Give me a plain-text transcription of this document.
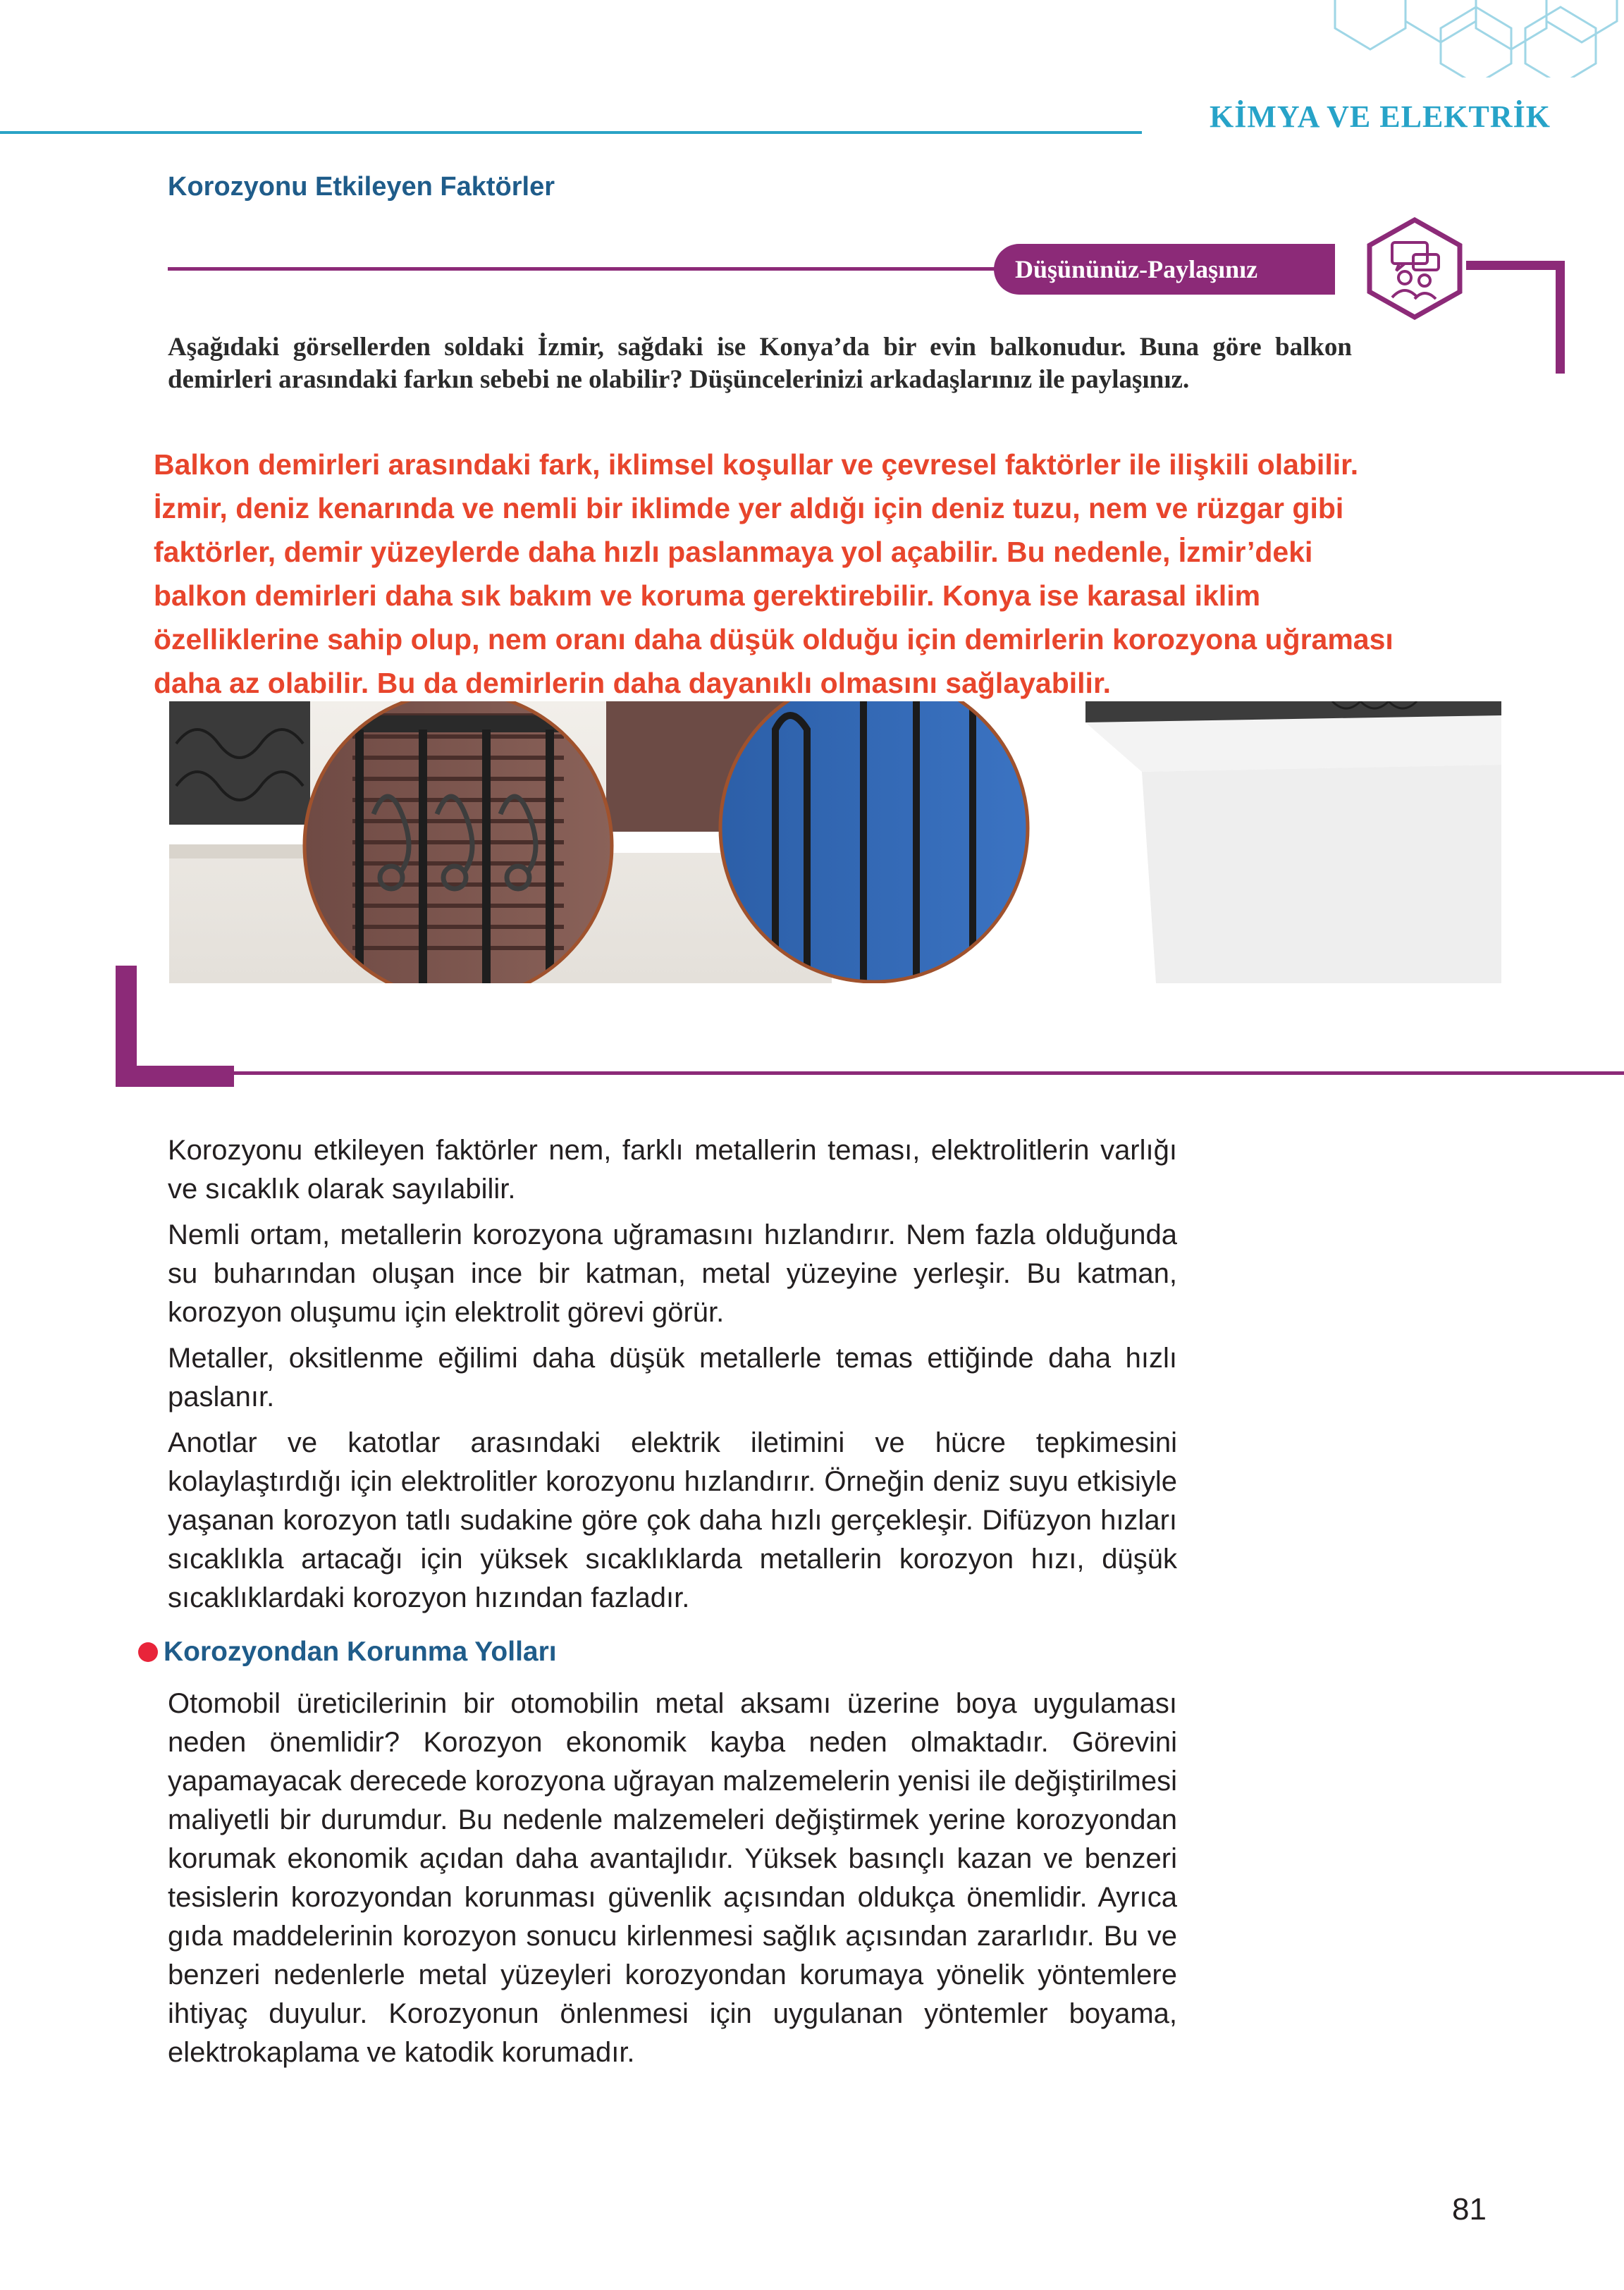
KİMYA VE ELEKTRİK
Korozyonu Etkileyen Faktörler
Düşününüz-Paylaşınız
Aşağıdaki görsellerden soldaki İzmir, sağdaki ise Konya’da bir evin balkonudur. Buna göre balkon demirleri arasındaki farkın sebebi ne olabilir? Düşüncelerinizi arkadaşlarınız ile paylaşınız.
Balkon demirleri arasındaki fark, iklimsel koşullar ve çevresel faktörler ile ilişkili olabilir.
İzmir, deniz kenarında ve nemli bir iklimde yer aldığı için deniz tuzu, nem ve rüzgar gibi
faktörler, demir yüzeylerde daha hızlı paslanmaya yol açabilir. Bu nedenle, İzmir’deki
balkon demirleri daha sık bakım ve koruma gerektirebilir. Konya ise karasal iklim
özelliklerine sahip olup, nem oranı daha düşük olduğu için demirlerin korozyona uğraması
daha az olabilir. Bu da demirlerin daha dayanıklı olmasını sağlayabilir.

Korozyonu etkileyen faktörler nem, farklı metallerin teması, elektrolitlerin varlığı ve sıcaklık olarak sayılabilir.

Nemli ortam, metallerin korozyona uğramasını hızlandırır. Nem fazla olduğunda su buharından oluşan ince bir katman, metal yüzeyine yerleşir. Bu katman, korozyon oluşumu için elektrolit görevi görür.

Metaller, oksitlenme eğilimi daha düşük metallerle temas ettiğinde daha hızlı paslanır.

Anotlar ve katotlar arasındaki elektrik iletimini ve hücre tepkimesini kolaylaştırdığı için elektrolitler korozyonu hızlandırır. Örneğin deniz suyu etkisiyle yaşanan korozyon tatlı sudakine göre çok daha hızlı gerçekleşir. Difüzyon hızları sıcaklıkla artacağı için yüksek sıcaklıklarda metallerin korozyon hızı, düşük sıcaklıklardaki korozyon hızından fazladır.

Korozyondan Korunma Yolları

Otomobil üreticilerinin bir otomobilin metal aksamı üzerine boya uygulaması neden önemlidir? Korozyon ekonomik kayba neden olmaktadır. Görevini yapamayacak derecede korozyona uğrayan malzemelerin yenisi ile değiştirilmesi maliyetli bir durumdur. Bu nedenle malzemeleri değiştirmek yerine korozyondan korumak ekonomik açıdan daha avantajlıdır. Yüksek basınçlı kazan ve benzeri tesislerin korozyondan korunması güvenlik açısından oldukça önemlidir. Ayrıca gıda maddelerinin korozyon sonucu kirlenmesi sağlık açısından zararlıdır. Bu ve benzeri nedenlerle metal yüzeyleri korozyondan korumaya yönelik yöntemlere ihtiyaç duyulur. Korozyonun önlenmesi için uygulanan yöntemler boyama, elektrokaplama ve katodik korumadır.

81
